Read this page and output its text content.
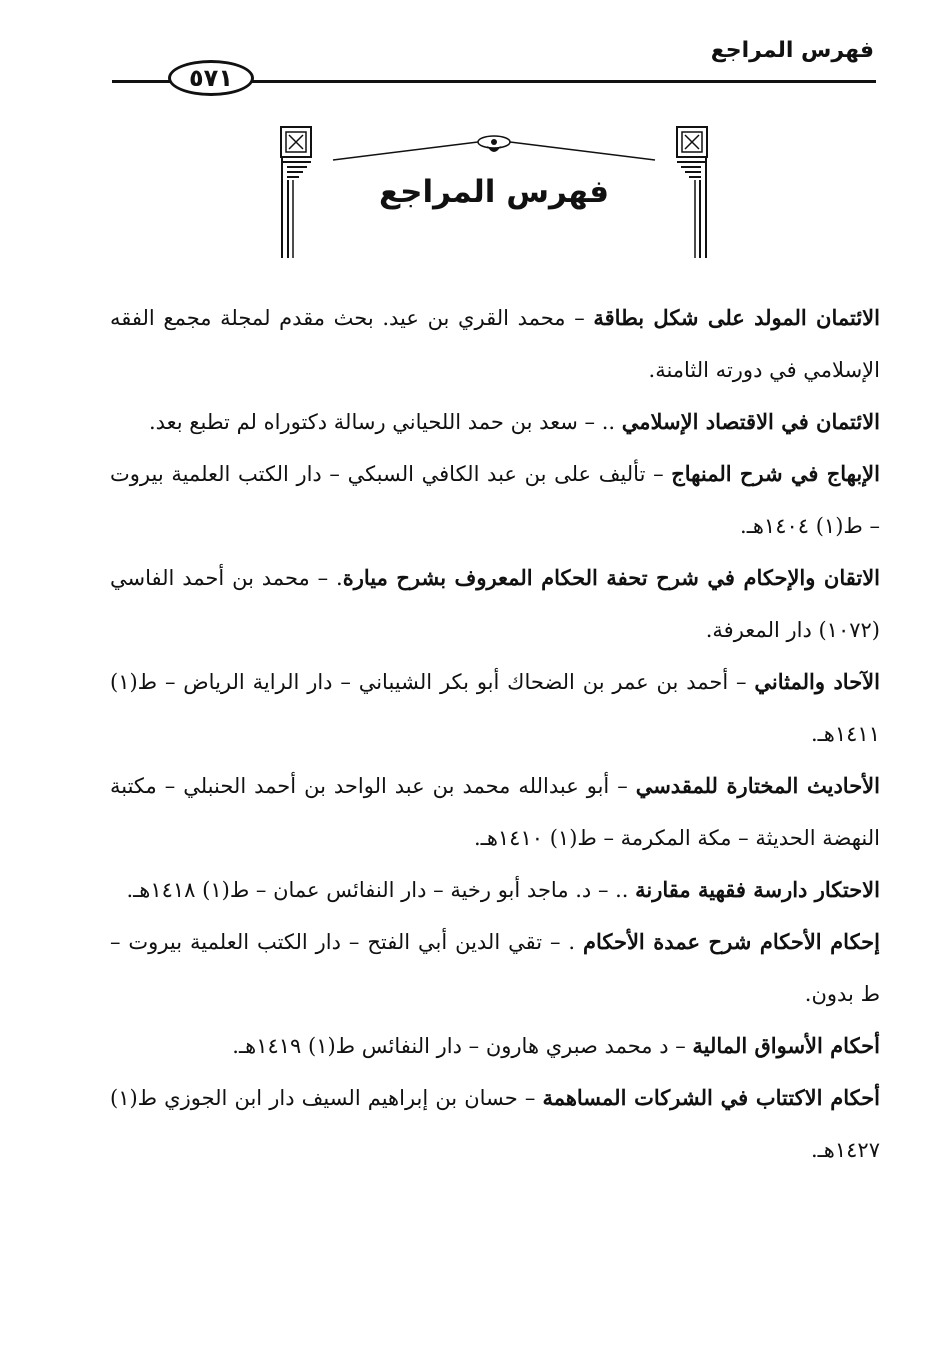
فهرس المراجع
٥٧١
فهرس المراجع

الائتمان المولد على شكل بطاقة – محمد القري بن عيد. بحث مقدم لمجلة مجمع الفقه الإسلامي في دورته الثامنة.

الائتمان في الاقتصاد الإسلامي .. – سعد بن حمد اللحياني رسالة دكتوراه لم تطبع بعد.

الإبهاج في شرح المنهاج – تأليف على بن عبد الكافي السبكي – دار الكتب العلمية بيروت – ط(١) ١٤٠٤هـ.

الاتقان والإحكام في شرح تحفة الحكام المعروف بشرح ميارة. – محمد بن أحمد الفاسي (١٠٧٢) دار المعرفة.

الآحاد والمثاني – أحمد بن عمر بن الضحاك أبو بكر الشيباني – دار الراية الرياض – ط(١) ١٤١١هـ.

الأحاديث المختارة للمقدسي – أبو عبدالله محمد بن عبد الواحد بن أحمد الحنبلي – مكتبة النهضة الحديثة – مكة المكرمة – ط(١) ١٤١٠هـ.

الاحتكار دارسة فقهية مقارنة .. – د. ماجد أبو رخية – دار النفائس عمان – ط(١) ١٤١٨هـ.

إحكام الأحكام شرح عمدة الأحكام . – تقي الدين أبي الفتح – دار الكتب العلمية بيروت – ط بدون.

أحكام الأسواق المالية – د محمد صبري هارون – دار النفائس ط(١) ١٤١٩هـ.

أحكام الاكتتاب في الشركات المساهمة – حسان بن إبراهيم السيف دار ابن الجوزي ط(١) ١٤٢٧هـ.
